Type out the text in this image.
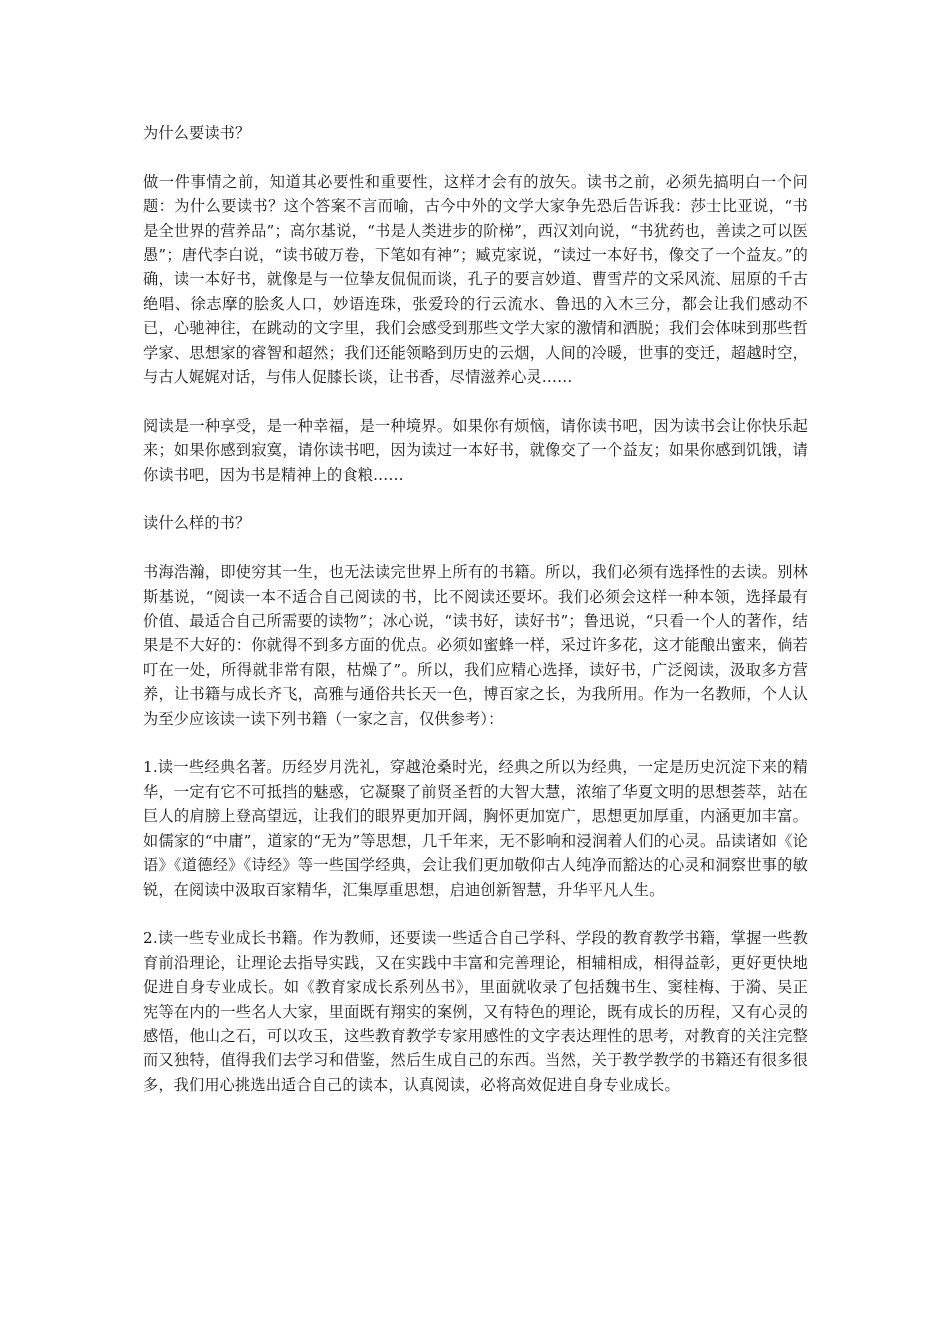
为什么要读书？

做一件事情之前，知道其必要性和重要性，这样才会有的放矢。读书之前，必须先搞明白一个问题：为什么要读书？这个答案不言而喻，古今中外的文学大家争先恐后告诉我：莎士比亚说，“书是全世界的营养品”；高尔基说，“书是人类进步的阶梯”，西汉刘向说，“书犹药也，善读之可以医愚”；唐代李白说，“读书破万卷，下笔如有神”；臧克家说，“读过一本好书，像交了一个益友。”的确，读一本好书，就像是与一位挚友侃侃而谈，孔子的要言妙道、曹雪芹的文采风流、屈原的千古绝唱、徐志摩的脍炙人口，妙语连珠，张爱玲的行云流水、鲁迅的入木三分，都会让我们感动不已，心驰神往，在跳动的文字里，我们会感受到那些文学大家的激情和洒脱；我们会体味到那些哲学家、思想家的睿智和超然；我们还能领略到历史的云烟，人间的冷暖，世事的变迁，超越时空，与古人娓娓对话，与伟人促膝长谈，让书香，尽情滋养心灵……

阅读是一种享受，是一种幸福，是一种境界。如果你有烦恼，请你读书吧，因为读书会让你快乐起来；如果你感到寂寞，请你读书吧，因为读过一本好书，就像交了一个益友；如果你感到饥饿，请你读书吧，因为书是精神上的食粮……

读什么样的书？

书海浩瀚，即使穷其一生，也无法读完世界上所有的书籍。所以，我们必须有选择性的去读。别林斯基说，“阅读一本不适合自己阅读的书，比不阅读还要坏。我们必须会这样一种本领，选择最有价值、最适合自己所需要的读物”；冰心说，“读书好，读好书”；鲁迅说，“只看一个人的著作，结果是不大好的：你就得不到多方面的优点。必须如蜜蜂一样，采过许多花，这才能酿出蜜来，倘若叮在一处，所得就非常有限，枯燥了”。所以，我们应精心选择，读好书，广泛阅读，汲取多方营养，让书籍与成长齐飞，高雅与通俗共长天一色，博百家之长，为我所用。作为一名教师，个人认为至少应该读一读下列书籍（一家之言，仅供参考）：

1.读一些经典名著。历经岁月洗礼，穿越沧桑时光，经典之所以为经典，一定是历史沉淀下来的精华，一定有它不可抵挡的魅惑，它凝聚了前贤圣哲的大智大慧，浓缩了华夏文明的思想荟萃，站在巨人的肩膀上登高望远，让我们的眼界更加开阔，胸怀更加宽广，思想更加厚重，内涵更加丰富。如儒家的“中庸”，道家的“无为”等思想，几千年来，无不影响和浸润着人们的心灵。品读诸如《论语》《道德经》《诗经》等一些国学经典，会让我们更加敬仰古人纯净而豁达的心灵和洞察世事的敏锐，在阅读中汲取百家精华，汇集厚重思想，启迪创新智慧，升华平凡人生。

2.读一些专业成长书籍。作为教师，还要读一些适合自己学科、学段的教育教学书籍，掌握一些教育前沿理论，让理论去指导实践，又在实践中丰富和完善理论，相辅相成，相得益彰，更好更快地促进自身专业成长。如《教育家成长系列丛书》，里面就收录了包括魏书生、窦桂梅、于漪、吴正宪等在内的一些名人大家，里面既有翔实的案例，又有特色的理论，既有成长的历程，又有心灵的感悟，他山之石，可以攻玉，这些教育教学专家用感性的文字表达理性的思考，对教育的关注完整而又独特，值得我们去学习和借鉴，然后生成自己的东西。当然，关于教学教学的书籍还有很多很多，我们用心挑选出适合自己的读本，认真阅读，必将高效促进自身专业成长。
